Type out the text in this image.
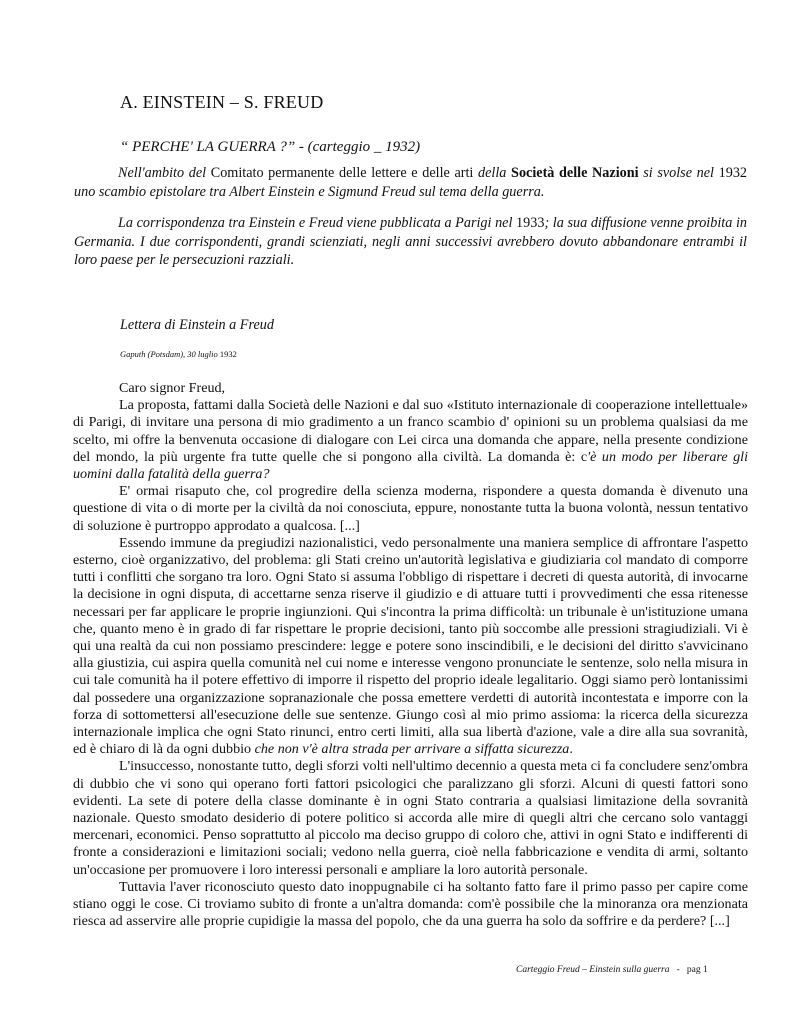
A. EINSTEIN – S. FREUD
“ PERCHE' LA GUERRA ?” - (carteggio _ 1932)
Nell'ambito del Comitato permanente delle lettere e delle arti della Società delle Nazioni si svolse nel 1932 uno scambio epistolare tra Albert Einstein e Sigmund Freud sul tema della guerra.
La corrispondenza tra Einstein e Freud viene pubblicata a Parigi nel 1933; la sua diffusione venne proibita in Germania. I due corrispondenti, grandi scienziati, negli anni successivi avrebbero dovuto abbandonare entrambi il loro paese per le persecuzioni razziali.
Lettera di Einstein a Freud
Gaputh (Potsdam), 30 luglio 1932

Caro signor Freud,

La proposta, fattami dalla Società delle Nazioni e dal suo «Istituto internazionale di cooperazione intellettuale» di Parigi, di invitare una persona di mio gradimento a un franco scambio d' opinioni su un problema qualsiasi da me scelto, mi offre la benvenuta occasione di dialogare con Lei circa una domanda che appare, nella presente condizione del mondo, la più urgente fra tutte quelle che si pongono alla civiltà. La domanda è: c'è un modo per liberare gli uomini dalla fatalità della guerra?

E' ormai risaputo che, col progredire della scienza moderna, rispondere a questa domanda è divenuto una questione di vita o di morte per la civiltà da noi conosciuta, eppure, nonostante tutta la buona volontà, nessun tentativo di soluzione è purtroppo approdato a qualcosa. [...]

Essendo immune da pregiudizi nazionalistici, vedo personalmente una maniera semplice di affrontare l'aspetto esterno, cioè organizzativo, del problema: gli Stati creino un'autorità legislativa e giudiziaria col mandato di comporre tutti i conflitti che sorgano tra loro. Ogni Stato si assuma l'obbligo di rispettare i decreti di questa autorità, di invocarne la decisione in ogni disputa, di accettarne senza riserve il giudizio e di attuare tutti i provvedimenti che essa ritenesse necessari per far applicare le proprie ingiunzioni. Qui s'incontra la prima difficoltà: un tribunale è un'istituzione umana che, quanto meno è in grado di far rispettare le proprie decisioni, tanto più soccombe alle pressioni stragiudiziali. Vi è qui una realtà da cui non possiamo prescindere: legge e potere sono inscindibili, e le decisioni del diritto s'avvicinano alla giustizia, cui aspira quella comunità nel cui nome e interesse vengono pronunciate le sentenze, solo nella misura in cui tale comunità ha il potere effettivo di imporre il rispetto del proprio ideale legalitario. Oggi siamo però lontanissimi dal possedere una organizzazione sopranazionale che possa emettere verdetti di autorità incontestata e imporre con la forza di sottomettersi all'esecuzione delle sue sentenze. Giungo così al mio primo assioma: la ricerca della sicurezza internazionale implica che ogni Stato rinunci, entro certi limiti, alla sua libertà d'azione, vale a dire alla sua sovranità, ed è chiaro di là da ogni dubbio che non v'è altra strada per arrivare a siffatta sicurezza.

L'insuccesso, nonostante tutto, degli sforzi volti nell'ultimo decennio a questa meta ci fa concludere senz'ombra di dubbio che vi sono qui operano forti fattori psicologici che paralizzano gli sforzi. Alcuni di questi fattori sono evidenti. La sete di potere della classe dominante è in ogni Stato contraria a qualsiasi limitazione della sovranità nazionale. Questo smodato desiderio di potere politico si accorda alle mire di quegli altri che cercano solo vantaggi mercenari, economici. Penso soprattutto al piccolo ma deciso gruppo di coloro che, attivi in ogni Stato e indifferenti di fronte a considerazioni e limitazioni sociali; vedono nella guerra, cioè nella fabbricazione e vendita di armi, soltanto un'occasione per promuovere i loro interessi personali e ampliare la loro autorità personale.

Tuttavia l'aver riconosciuto questo dato inoppugnabile ci ha soltanto fatto fare il primo passo per capire come stiano oggi le cose. Ci troviamo subito di fronte a un'altra domanda: com'è possibile che la minoranza ora menzionata riesca ad asservire alle proprie cupidigie la massa del popolo, che da una guerra ha solo da soffrire e da perdere? [...]

Carteggio Freud – Einstein sulla guerra   -   pag 1
